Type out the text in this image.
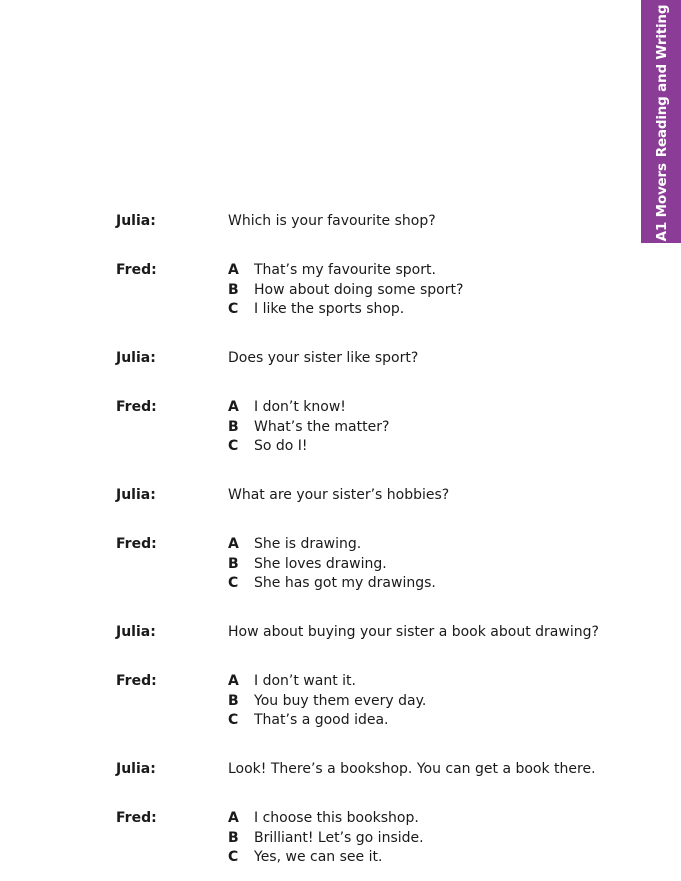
A1 MoversReading and Writing
Julia:	Which is your favourite shop?
Fred:	A That’s my favourite sport.
B How about doing some sport?
C I like the sports shop.
Julia:	Does your sister like sport?
Fred:	A I don’t know!
B What’s the matter?
C So do I!
Julia:	What are your sister’s hobbies?
Fred:	A She is drawing.
B She loves drawing.
C She has got my drawings.
Julia:	How about buying your sister a book about drawing?
Fred:	A I don’t want it.
B You buy them every day.
C That’s a good idea.
Julia:	Look! There’s a bookshop. You can get a book there.
Fred:	A I choose this bookshop.
B Brilliant! Let’s go inside.
C Yes, we can see it.
